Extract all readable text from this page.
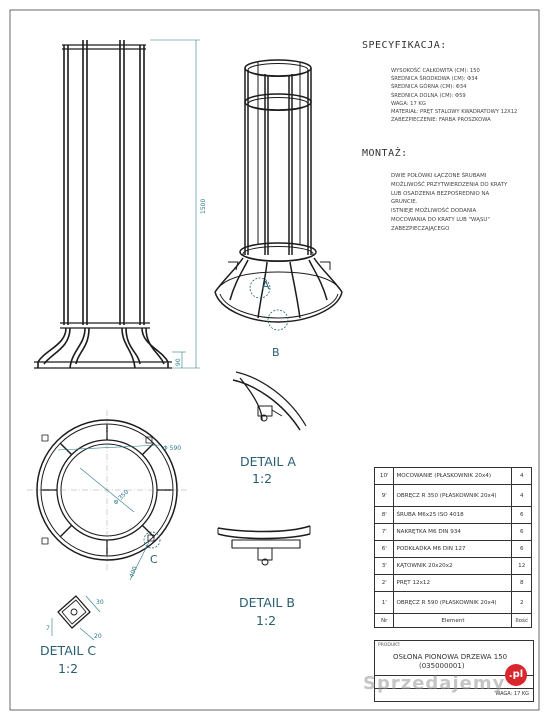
1500
90
A
B
Φ 590
Φ 350
400
C
DETAIL A
1:2
DETAIL B
1:2
30
20
7
DETAIL C
1:2
SPECYFIKACJA:
WYSOKOŚĆ CAŁKOWITA (CM): 150
ŚREDNICA ŚRODKOWA (CM): Φ34
ŚREDNICA GÓRNA (CM): Φ34
ŚREDNICA DOLNA (CM): Φ59
WAGA: 17 KG
MATERIAŁ: PRĘT STALOWY KWADRATOWY 12X12
ZABEZPIECZENIE: FARBA PROSZKOWA
MONTAŻ:
DWIE POŁÓWKI ŁĄCZONE ŚRUBAMI
MOŻLIWOŚĆ PRZYTWIERDZENIA DO KRATY
LUB OSADZENIA BEZPOŚREDNIO NA
GRUNCIE.
ISTNIEJE MOŻLIWOŚĆ DODANIA
MOCOWANIA DO KRATY LUB "WĄSU"
ZABEZPIECZAJĄCEGO
10'	MOCOWANIE (PŁASKOWNIK 20x4)	4
9'	OBRĘCZ R 350 (PŁASKOWNIK 20x4)	4
8'	ŚRUBA M6x25 ISO 4018	6
7'	NAKRĘTKA M6 DIN 934	6
6'	PODKŁADKA M6 DIN 127	6
3'	KĄTOWNIK 20x20x2	12
2'	PRĘT 12x12	8
1'	OBRĘCZ R 590 (PŁASKOWNIK 20x4)	2
Nr	Element	Ilość
PRODUKT:
OSŁONA PIONOWA DRZEWA 150
(035000001)
WAGA: 17 KG
Sprzedajemy .pl
